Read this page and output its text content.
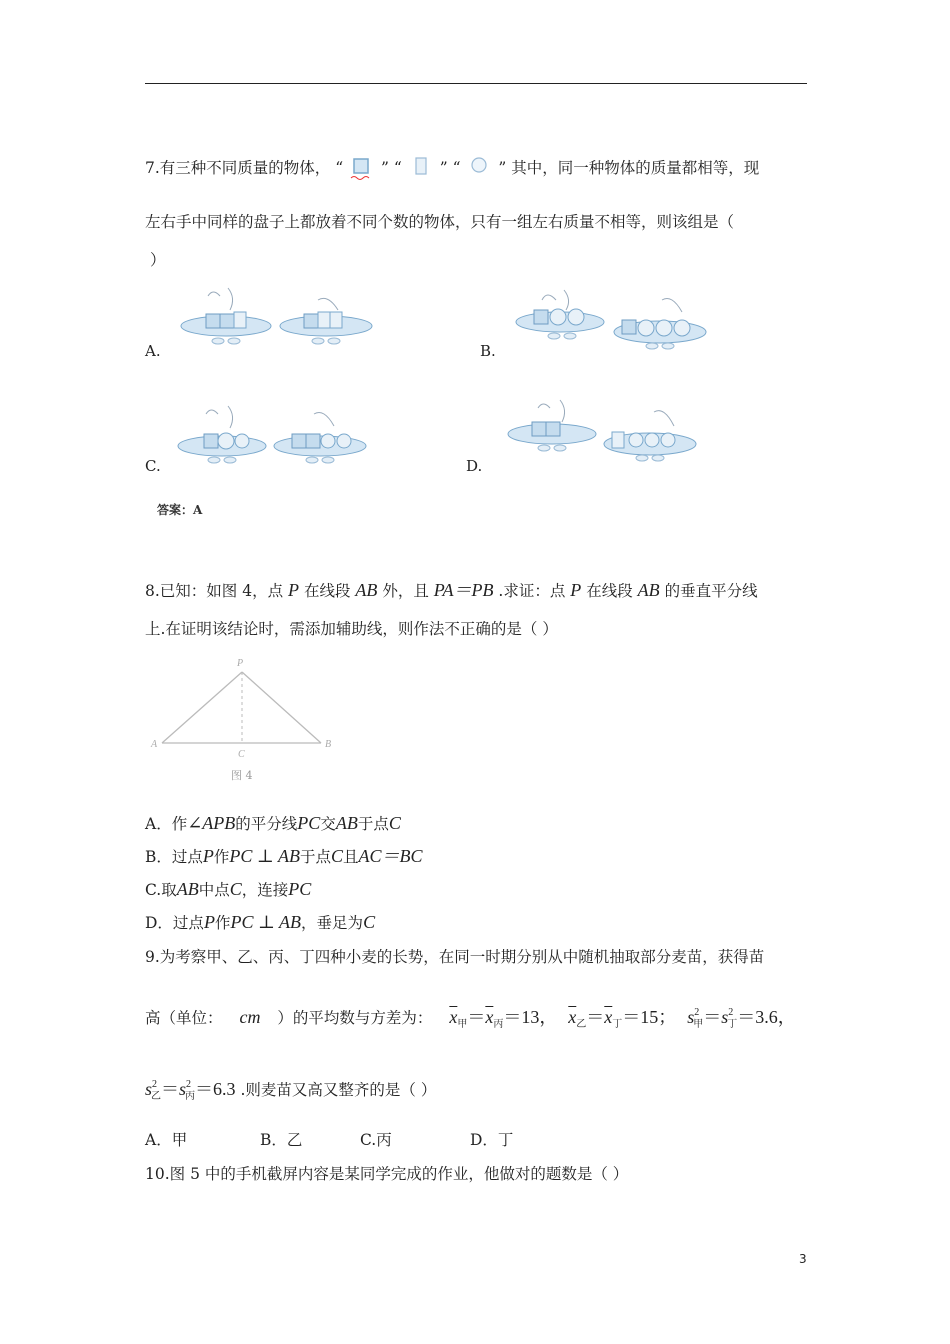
7.有三种不同质量的物体， “ ” “ ” “ ” 其中，同一种物体的质量都相等，现
左右手中同样的盘子上都放着不同个数的物体，只有一组左右质量不相等，则该组是（
）
A.	B.
C.	D.
答案：A
8.已知：如图 4，点 P 在线段 AB 外，且 PA＝PB .求证：点 P 在线段 AB 的垂直平分线
上.在证明该结论时，需添加辅助线，则作法不正确的是（ ）
P
A	B
C
图 4
A．作∠APB的平分线PC交AB于点C
B．过点P作PC ⊥ AB于点C且AC＝BC
C.取AB中点C，连接PC
D．过点P作PC ⊥ AB，垂足为C
9.为考察甲、乙、丙、丁四种小麦的长势，在同一时期分别从中随机抽取部分麦苗，获得苗
高（单位： cm ）的平均数与方差为： $\overline{x}_甲=\overline{x}_丙=13$， $\overline{x}_乙=\overline{x}_丁=15$； $s^2_甲=s^2_丁=3.6$，
$s^2_乙=s^2_丙=6.3$ .则麦苗又高又整齐的是（ ）
A．甲	B．乙	C.丙	D．丁
10.图 5 中的手机截屏内容是某同学完成的作业，他做对的题数是（ ）
3
